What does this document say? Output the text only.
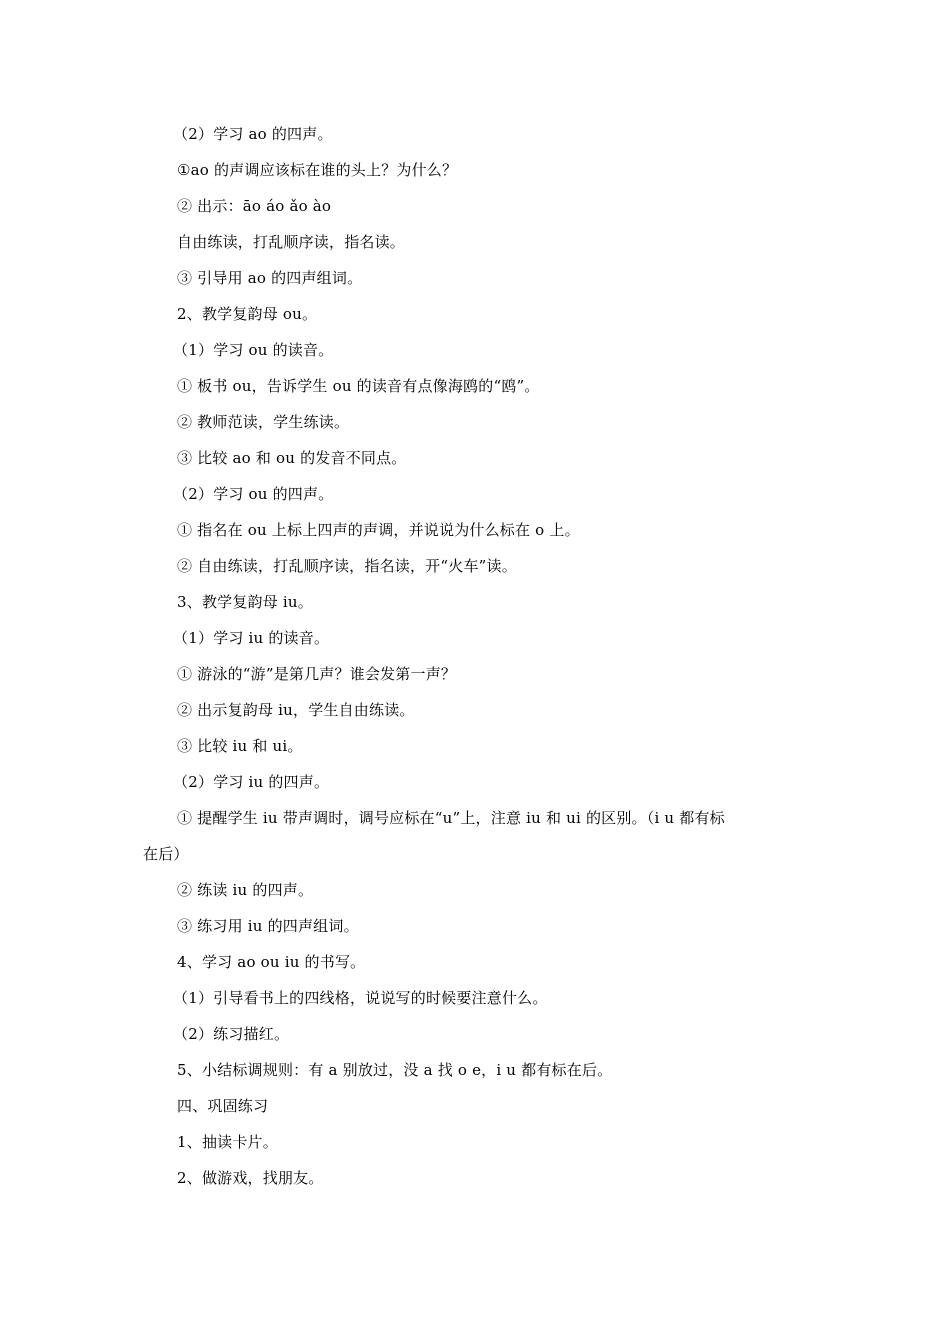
（2）学习 ao 的四声。
①ao 的声调应该标在谁的头上？为什么？
② 出示：āo áo ǎo ào
自由练读，打乱顺序读，指名读。
③ 引导用 ao 的四声组词。
2、教学复韵母 ou。
（1）学习 ou 的读音。
① 板书 ou，告诉学生 ou 的读音有点像海鸥的“鸥”。
② 教师范读，学生练读。
③ 比较 ao 和 ou 的发音不同点。
（2）学习 ou 的四声。
① 指名在 ou 上标上四声的声调，并说说为什么标在 o 上。
② 自由练读，打乱顺序读，指名读，开“火车”读。
3、教学复韵母 iu。
（1）学习 iu 的读音。
① 游泳的“游”是第几声？谁会发第一声？
② 出示复韵母 iu，学生自由练读。
③ 比较 iu 和 ui。
（2）学习 iu 的四声。
① 提醒学生 iu 带声调时，调号应标在“u”上，注意 iu 和 ui 的区别。（i u 都有标
在后）
② 练读 iu 的四声。
③ 练习用 iu 的四声组词。
4、学习 ao ou iu 的书写。
（1）引导看书上的四线格，说说写的时候要注意什么。
（2）练习描红。
5、小结标调规则：有 a 别放过，没 a 找 o e，i u 都有标在后。
四、巩固练习
1、抽读卡片。
2、做游戏，找朋友。
